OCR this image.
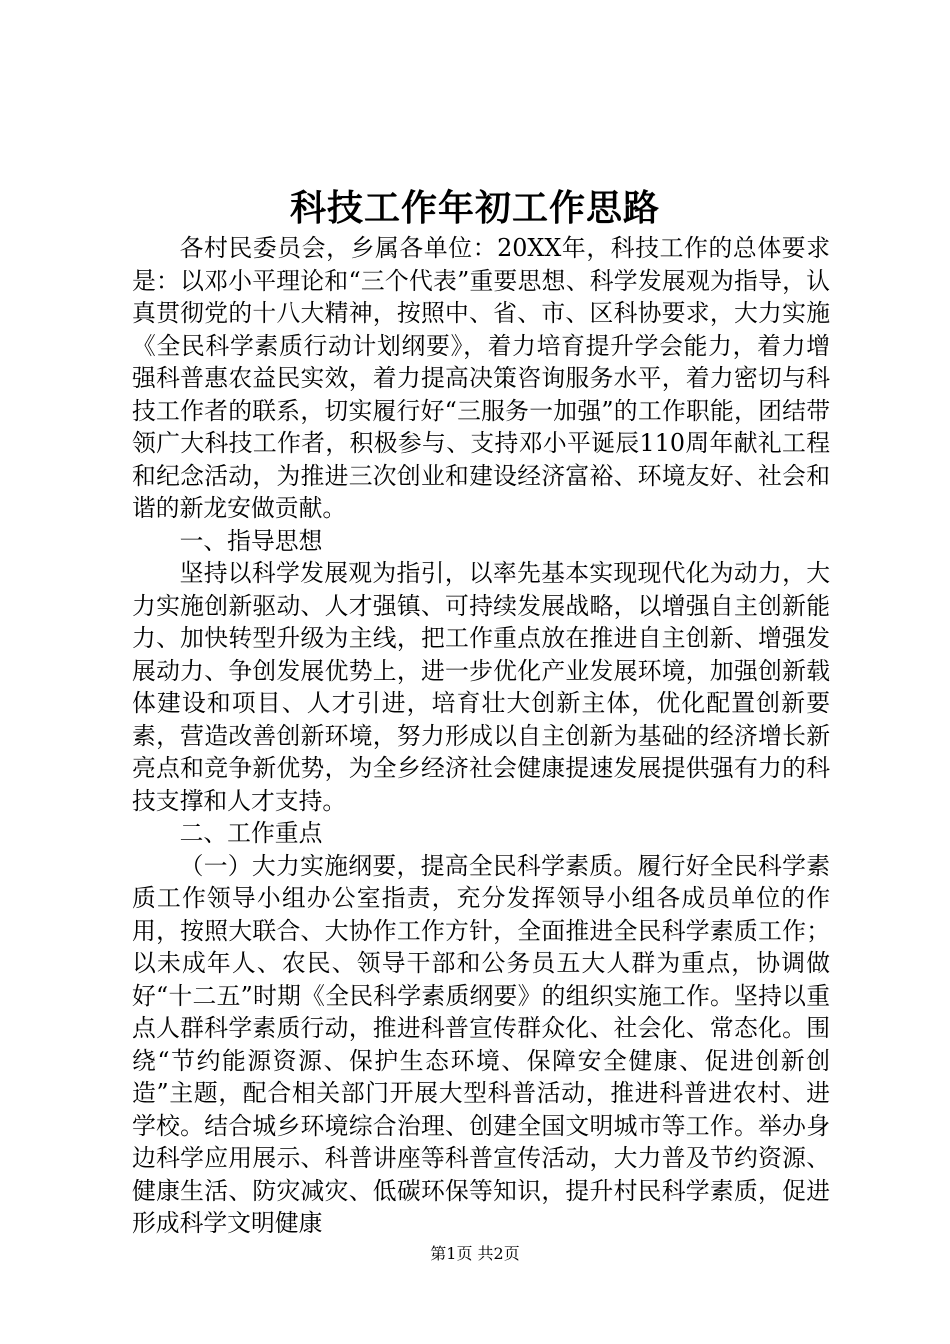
科技工作年初工作思路

各村民委员会，乡属各单位：20XX年，科技工作的总体要求是：以邓小平理论和“三个代表”重要思想、科学发展观为指导，认真贯彻党的十八大精神，按照中、省、市、区科协要求，大力实施《全民科学素质行动计划纲要》，着力培育提升学会能力，着力增强科普惠农益民实效，着力提高决策咨询服务水平，着力密切与科技工作者的联系，切实履行好“三服务一加强”的工作职能，团结带领广大科技工作者，积极参与、支持邓小平诞辰110周年献礼工程和纪念活动，为推进三次创业和建设经济富裕、环境友好、社会和谐的新龙安做贡献。

一、指导思想

坚持以科学发展观为指引，以率先基本实现现代化为动力，大力实施创新驱动、人才强镇、可持续发展战略，以增强自主创新能力、加快转型升级为主线，把工作重点放在推进自主创新、增强发展动力、争创发展优势上，进一步优化产业发展环境，加强创新载体建设和项目、人才引进，培育壮大创新主体，优化配置创新要素，营造改善创新环境，努力形成以自主创新为基础的经济增长新亮点和竞争新优势，为全乡经济社会健康提速发展提供强有力的科技支撑和人才支持。

二、工作重点

（一）大力实施纲要，提高全民科学素质。履行好全民科学素质工作领导小组办公室指责，充分发挥领导小组各成员单位的作用，按照大联合、大协作工作方针，全面推进全民科学素质工作；以未成年人、农民、领导干部和公务员五大人群为重点，协调做好“十二五”时期《全民科学素质纲要》的组织实施工作。坚持以重点人群科学素质行动，推进科普宣传群众化、社会化、常态化。围绕“节约能源资源、保护生态环境、保障安全健康、促进创新创造”主题，配合相关部门开展大型科普活动，推进科普进农村、进学校。结合城乡环境综合治理、创建全国文明城市等工作。举办身边科学应用展示、科普讲座等科普宣传活动，大力普及节约资源、健康生活、防灾减灾、低碳环保等知识，提升村民科学素质，促进形成科学文明健康

第1页 共2页
